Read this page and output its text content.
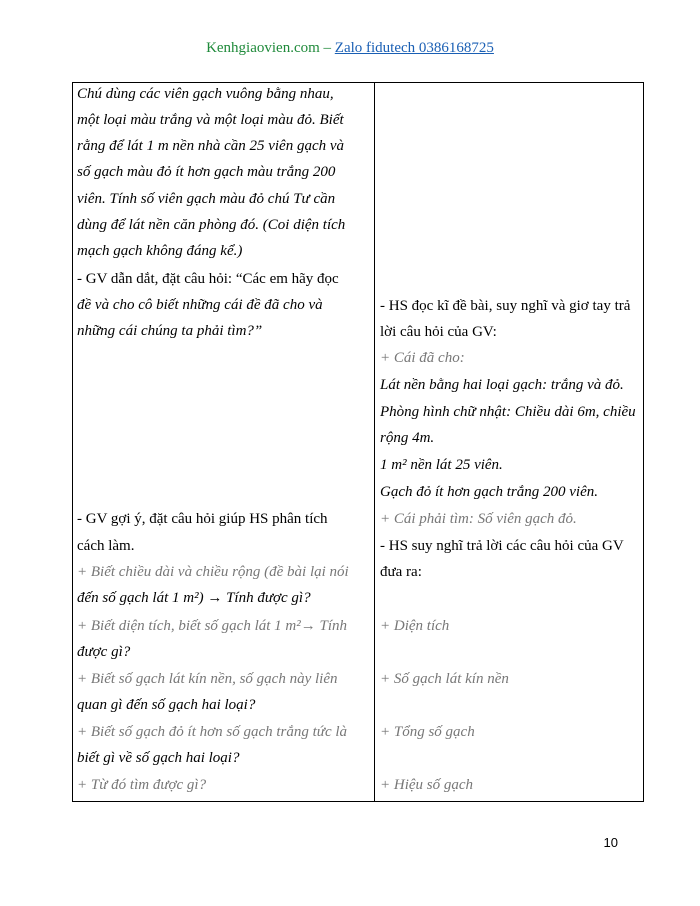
Kenhgiaovien.com – Zalo fidutech 0386168725
Chú dùng các viên gạch vuông bằng nhau,
một loại màu trắng và một loại màu đỏ. Biết
rằng để lát 1 m nền nhà cần 25 viên gạch và
số gạch màu đỏ ít hơn gạch màu trắng 200
viên. Tính số viên gạch màu đỏ chú Tư cần
dùng để lát nền căn phòng đó. (Coi diện tích
mạch gạch không đáng kể.)
- GV dẫn dắt, đặt câu hỏi: “Các em hãy đọc
đề và cho cô biết những cái đề đã cho và
những cái chúng ta phải tìm?”
- GV gợi ý, đặt câu hỏi giúp HS phân tích
cách làm.
+ Biết chiều dài và chiều rộng (đề bài lại nói
đến số gạch lát 1 m²) → Tính được gì?
+ Biết diện tích, biết số gạch lát 1 m²→ Tính
được gì?
+ Biết số gạch lát kín nền, số gạch này liên
quan gì đến số gạch hai loại?
+ Biết số gạch đỏ ít hơn số gạch trắng tức là
biết gì về số gạch hai loại?
+ Từ đó tìm được gì?
- HS đọc kĩ đề bài, suy nghĩ và giơ tay trả
lời câu hỏi của GV:
+ Cái đã cho:
Lát nền bằng hai loại gạch: trắng và đỏ.
Phòng hình chữ nhật: Chiều dài 6m, chiều
rộng 4m.
1 m² nền lát 25 viên.
Gạch đỏ ít hơn gạch trắng 200 viên.
+ Cái phải tìm: Số viên gạch đỏ.
- HS suy nghĩ trả lời các câu hỏi của GV
đưa ra:
+ Diện tích
+ Số gạch lát kín nền
+ Tổng số gạch
+ Hiệu số gạch
10
